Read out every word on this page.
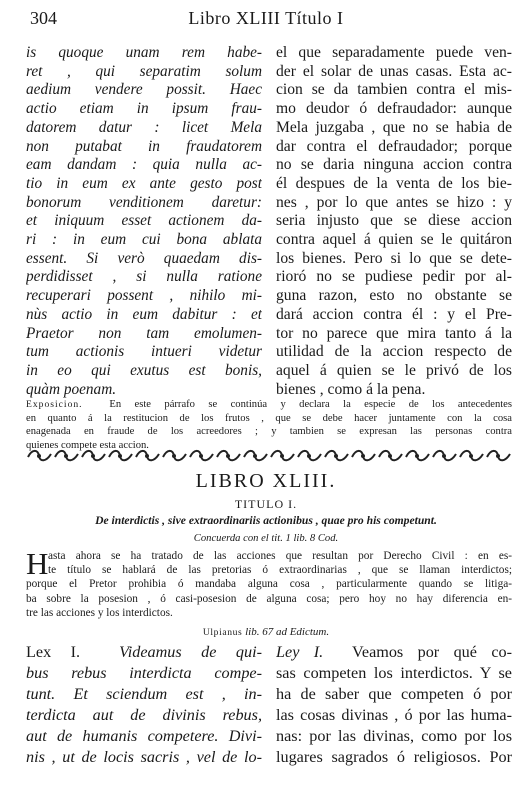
304	Libro XLIII Título I
is quoque unam rem habe-
ret , qui separatim solum
aedium vendere possit. Haec
actio etiam in ipsum frau-
datorem datur : licet Mela
non putabat in fraudatorem
eam dandam : quia nulla ac-
tio in eum ex ante gesto post
bonorum venditionem daretur:
et iniquum esset actionem da-
ri : in eum cui bona ablata
essent. Si verò quaedam dis-
perdidisset , si nulla ratione
recuperari possent , nihilo mi-
nùs actio in eum dabitur : et
Praetor non tam emolumen-
tum actionis intueri videtur
in eo qui exutus est bonis,
quàm poenam.
el que separadamente puede ven-
der el solar de unas casas. Esta ac-
cion se da tambien contra el mis-
mo deudor ó defraudador: aunque
Mela juzgaba , que no se habia de
dar contra el defraudador; porque
no se daria ninguna accion contra
él despues de la venta de los bie-
nes , por lo que antes se hizo : y
seria injusto que se diese accion
contra aquel á quien se le quitáron
los bienes. Pero si lo que se dete-
rioró no se pudiese pedir por al-
guna razon, esto no obstante se
dará accion contra él : y el Pre-
tor no parece que mira tanto á la
utilidad de la accion respecto de
aquel á quien se le privó de los
bienes , como á la pena.
Exposicion.	En este párrafo se continúa y declara la especie de los antecedentes
en quanto á la restitucion de los frutos , que se debe hacer juntamente con la cosa
enagenada en fraude de los acreedores ; y tambien se expresan las personas contra
quienes compete esta accion.
LIBRO XLIII.
TITULO I.
De interdictis , sive extraordinariis actionibus , quae pro his competunt.
Concuerda con el tit. 1 lib. 8 Cod.
H asta ahora se ha tratado de las acciones que resultan por Derecho Civil : en es-
te título se hablará de las pretorias ó extraordinarias , que se llaman interdictos;
porque el Pretor prohibia ó mandaba alguna cosa , particularmente quando se litiga-
ba sobre la posesion , ó casi-posesion de alguna cosa; pero hoy no hay diferencia en-
tre las acciones y los interdictos.
Ulpianus lib. 67 ad Edictum.
Lex I. Videamus de qui-
bus rebus interdicta compe-
tunt. Et sciendum est , in-
terdicta aut de divinis rebus,
aut de humanis competere. Divi-
nis , ut de locis sacris , vel de lo-
Ley I. Veamos por qué co-
sas competen los interdictos. Y se
ha de saber que competen ó por
las cosas divinas , ó por las huma-
nas: por las divinas, como por los
lugares sagrados ó religiosos. Por
